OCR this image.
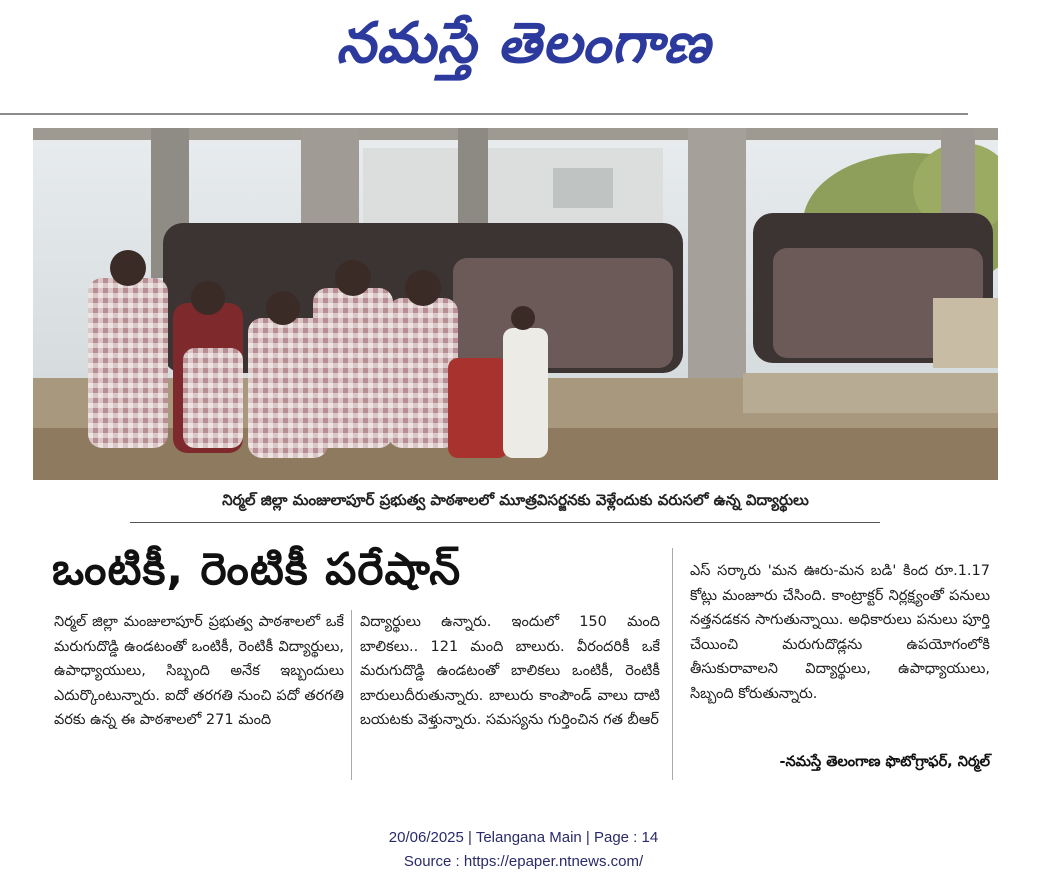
నమస్తే తెలంగాణ
నిర్మల్ జిల్లా మంజులాపూర్ ప్రభుత్వ పాఠశాలలో మూత్రవిసర్జనకు వెళ్లేందుకు వరుసలో ఉన్న విద్యార్థులు
ఒంటికీ, రెంటికీ పరేషాన్

నిర్మల్ జిల్లా మంజులాపూర్ ప్రభుత్వ పాఠశాలలో ఒకే మరుగుదొడ్డి ఉండటంతో ఒంటికీ, రెంటికీ విద్యార్థులు, ఉపాధ్యాయులు, సిబ్బంది అనేక ఇబ్బందులు ఎదుర్కొంటున్నారు. ఐదో తరగతి నుంచి పదో తరగతి వరకు ఉన్న ఈ పాఠశాలలో 271 మంది

విద్యార్థులు ఉన్నారు. ఇందులో 150 మంది బాలికలు.. 121 మంది బాలురు. వీరందరికీ ఒకే మరుగుదొడ్డి ఉండటంతో బాలికలు ఒంటికీ, రెంటికీ బారులుదీరుతున్నారు. బాలురు కాంపౌండ్ వాలు దాటి బయటకు వెళ్తున్నారు. సమస్యను గుర్తించిన గత బీఆర్

ఎస్ సర్కారు 'మన ఊరు-మన బడి' కింద రూ.1.17 కోట్లు మంజూరు చేసింది. కాంట్రాక్టర్ నిర్లక్ష్యంతో పనులు నత్తనడకన సాగుతున్నాయి. అధికారులు పనులు పూర్తి చేయించి మరుగుదొడ్లను ఉపయోగంలోకి తీసుకురావాలని విద్యార్థులు, ఉపాధ్యాయులు, సిబ్బంది కోరుతున్నారు.

-నమస్తే తెలంగాణ ఫొటోగ్రాఫర్, నిర్మల్
20/06/2025 | Telangana Main | Page : 14
Source : https://epaper.ntnews.com/
